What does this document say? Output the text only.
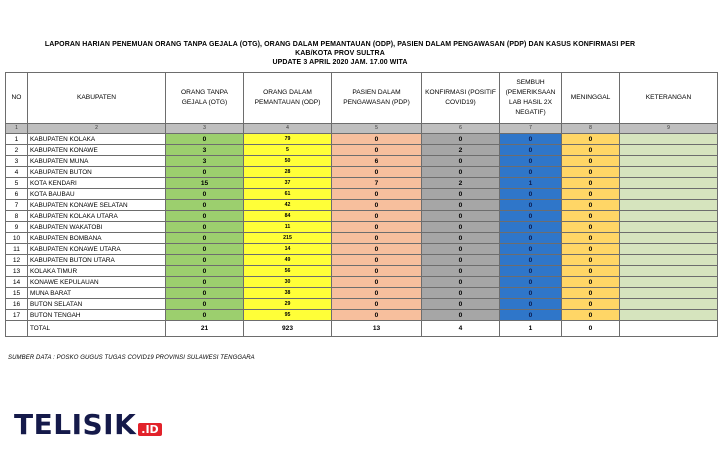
LAPORAN HARIAN PENEMUAN ORANG TANPA GEJALA (OTG), ORANG DALAM PEMANTAUAN (ODP), PASIEN DALAM PENGAWASAN (PDP) DAN KASUS KONFIRMASI PER
KAB/KOTA PROV SULTRA
UPDATE 3 APRIL 2020 JAM. 17.00 WITA
NO	KABUPATEN	ORANG TANPA GEJALA (OTG)	ORANG DALAM PEMANTAUAN (ODP)	PASIEN DALAM PENGAWASAN (PDP)	KONFIRMASI (POSITIF COVID19)	SEMBUH (PEMERIKSAAN LAB HASIL 2X NEGATIF)	MENINGGAL	KETERANGAN
1	2	3	4	5	6	7	8	9
1	KABUPATEN KOLAKA	0	79	0	0	0	0	
2	KABUPATEN KONAWE	3	5	0	2	0	0	
3	KABUPATEN MUNA	3	50	6	0	0	0	
4	KABUPATEN BUTON	0	28	0	0	0	0	
5	KOTA KENDARI	15	37	7	2	1	0	
6	KOTA BAUBAU	0	61	0	0	0	0	
7	KABUPATEN KONAWE SELATAN	0	42	0	0	0	0	
8	KABUPATEN KOLAKA UTARA	0	84	0	0	0	0	
9	KABUPATEN WAKATOBI	0	11	0	0	0	0	
10	KABUPATEN BOMBANA	0	215	0	0	0	0	
11	KABUPATEN KONAWE UTARA	0	14	0	0	0	0	
12	KABUPATEN BUTON UTARA	0	49	0	0	0	0	
13	KOLAKA TIMUR	0	56	0	0	0	0	
14	KONAWE KEPULAUAN	0	30	0	0	0	0	
15	MUNA BARAT	0	38	0	0	0	0	
16	BUTON SELATAN	0	29	0	0	0	0	
17	BUTON TENGAH	0	95	0	0	0	0	
	TOTAL	21	923	13	4	1	0	
SUMBER DATA : POSKO GUGUS TUGAS COVID19 PROVINSI SULAWESI TENGGARA
TELISIK .ID
